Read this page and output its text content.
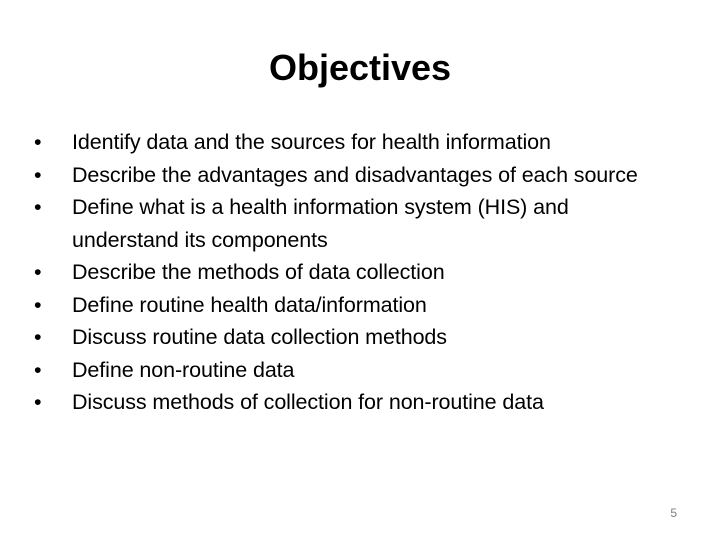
Objectives
•	Identify data and the sources for health information
•	Describe the advantages and disadvantages of each source
•	Define what is a health information system (HIS) and understand its components
•	Describe the methods of data collection
•	Define routine health data/information
•	Discuss routine data collection methods
•	Define non-routine data
•	Discuss methods of collection for non-routine data
5
